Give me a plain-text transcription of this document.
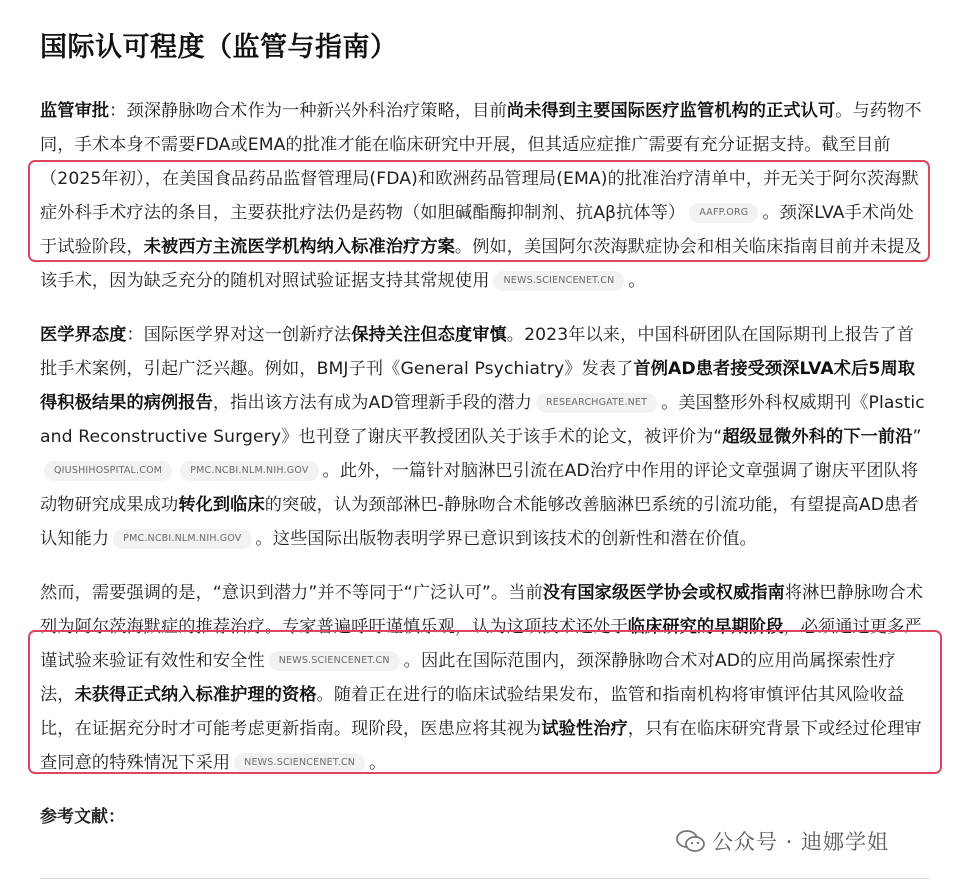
国际认可程度（监管与指南）

监管审批：颈深静脉吻合术作为一种新兴外科治疗策略，目前尚未得到主要国际医疗监管机构的正式认可。与药物不同，手术本身不需要FDA或EMA的批准才能在临床研究中开展，但其适应症推广需要有充分证据支持。截至目前（2025年初），在美国食品药品监督管理局(FDA)和欧洲药品管理局(EMA)的批准治疗清单中，并无关于阿尔茨海默症外科手术疗法的条目，主要获批疗法仍是药物（如胆碱酯酶抑制剂、抗Aβ抗体等） AAFP.ORG 。颈深LVA手术尚处于试验阶段，未被西方主流医学机构纳入标准治疗方案。例如，美国阿尔茨海默症协会和相关临床指南目前并未提及该手术，因为缺乏充分的随机对照试验证据支持其常规使用 NEWS.SCIENCENET.CN 。

医学界态度：国际医学界对这一创新疗法保持关注但态度审慎。2023年以来，中国科研团队在国际期刊上报告了首批手术案例，引起广泛兴趣。例如，BMJ子刊《General Psychiatry》发表了首例AD患者接受颈深LVA术后5周取得积极结果的病例报告，指出该方法有成为AD管理新手段的潜力 RESEARCHGATE.NET 。美国整形外科权威期刊《Plastic and Reconstructive Surgery》也刊登了谢庆平教授团队关于该手术的论文，被评价为“超级显微外科的下一前沿”QIUSHIHOSPITAL.COM	PMC.NCBI.NLM.NIH.GOV 。此外，一篇针对脑淋巴引流在AD治疗中作用的评论文章强调了谢庆平团队将动物研究成果成功转化到临床的突破，认为颈部淋巴-静脉吻合术能够改善脑淋巴系统的引流功能，有望提高AD患者认知能力 PMC.NCBI.NLM.NIH.GOV 。这些国际出版物表明学界已意识到该技术的创新性和潜在价值。

然而，需要强调的是，“意识到潜力”并不等同于“广泛认可”。当前没有国家级医学协会或权威指南将淋巴静脉吻合术列为阿尔茨海默症的推荐治疗。专家普遍呼吁谨慎乐观，认为这项技术还处于临床研究的早期阶段，必须通过更多严谨试验来验证有效性和安全性 NEWS.SCIENCENET.CN 。因此在国际范围内，颈深静脉吻合术对AD的应用尚属探索性疗法，未获得正式纳入标准护理的资格。随着正在进行的临床试验结果发布，监管和指南机构将审慎评估其风险收益比，在证据充分时才可能考虑更新指南。现阶段，医患应将其视为试验性治疗，只有在临床研究背景下或经过伦理审查同意的特殊情况下采用 NEWS.SCIENCENET.CN 。

参考文献：
公众号 · 迪娜学姐
